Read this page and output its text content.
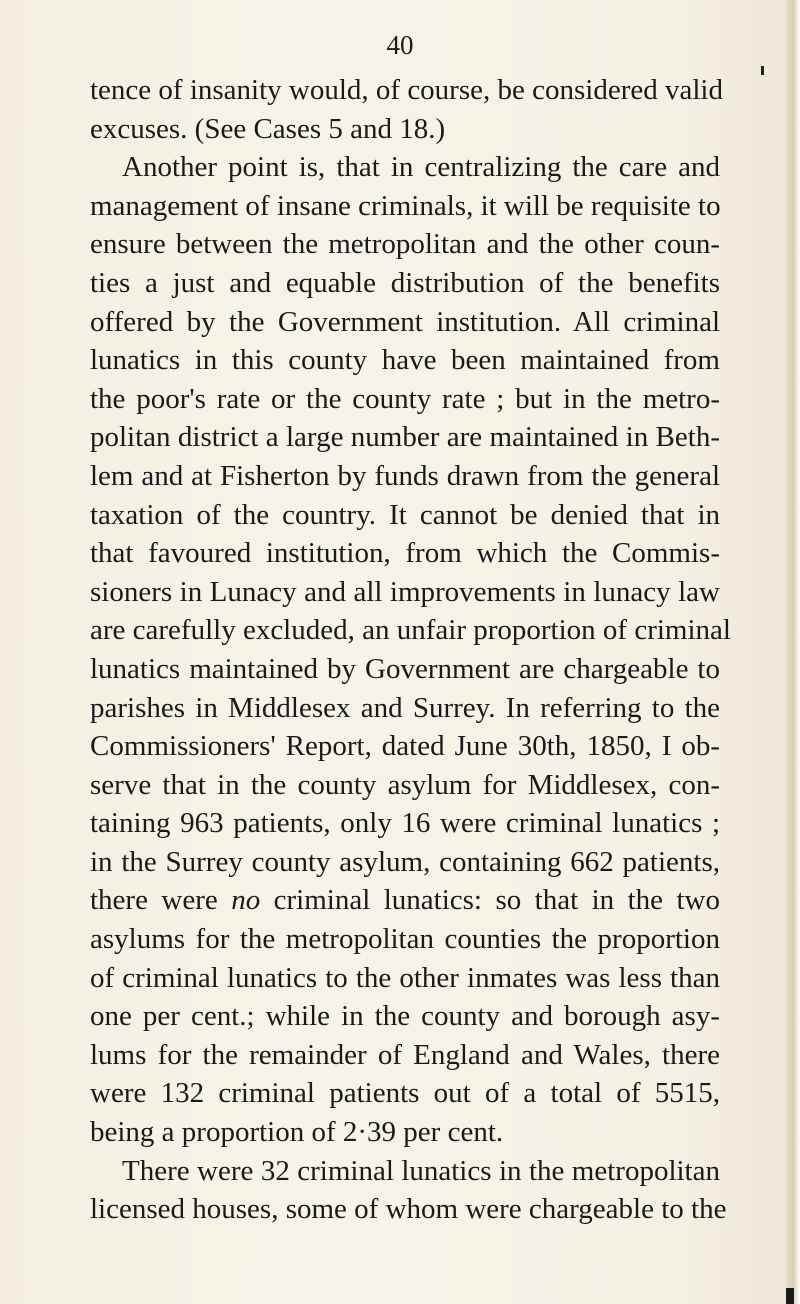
40
tence of insanity would, of course, be considered valid
excuses. (See Cases 5 and 18.)
Another point is, that in centralizing the care and
management of insane criminals, it will be requisite to
ensure between the metropolitan and the other coun-
ties a just and equable distribution of the benefits
offered by the Government institution. All criminal
lunatics in this county have been maintained from
the poor's rate or the county rate ; but in the metro-
politan district a large number are maintained in Beth-
lem and at Fisherton by funds drawn from the general
taxation of the country. It cannot be denied that in
that favoured institution, from which the Commis-
sioners in Lunacy and all improvements in lunacy law
are carefully excluded, an unfair proportion of criminal
lunatics maintained by Government are chargeable to
parishes in Middlesex and Surrey. In referring to the
Commissioners' Report, dated June 30th, 1850, I ob-
serve that in the county asylum for Middlesex, con-
taining 963 patients, only 16 were criminal lunatics ;
in the Surrey county asylum, containing 662 patients,
there were no criminal lunatics: so that in the two
asylums for the metropolitan counties the proportion
of criminal lunatics to the other inmates was less than
one per cent.; while in the county and borough asy-
lums for the remainder of England and Wales, there
were 132 criminal patients out of a total of 5515,
being a proportion of 2·39 per cent.
There were 32 criminal lunatics in the metropolitan
licensed houses, some of whom were chargeable to the
